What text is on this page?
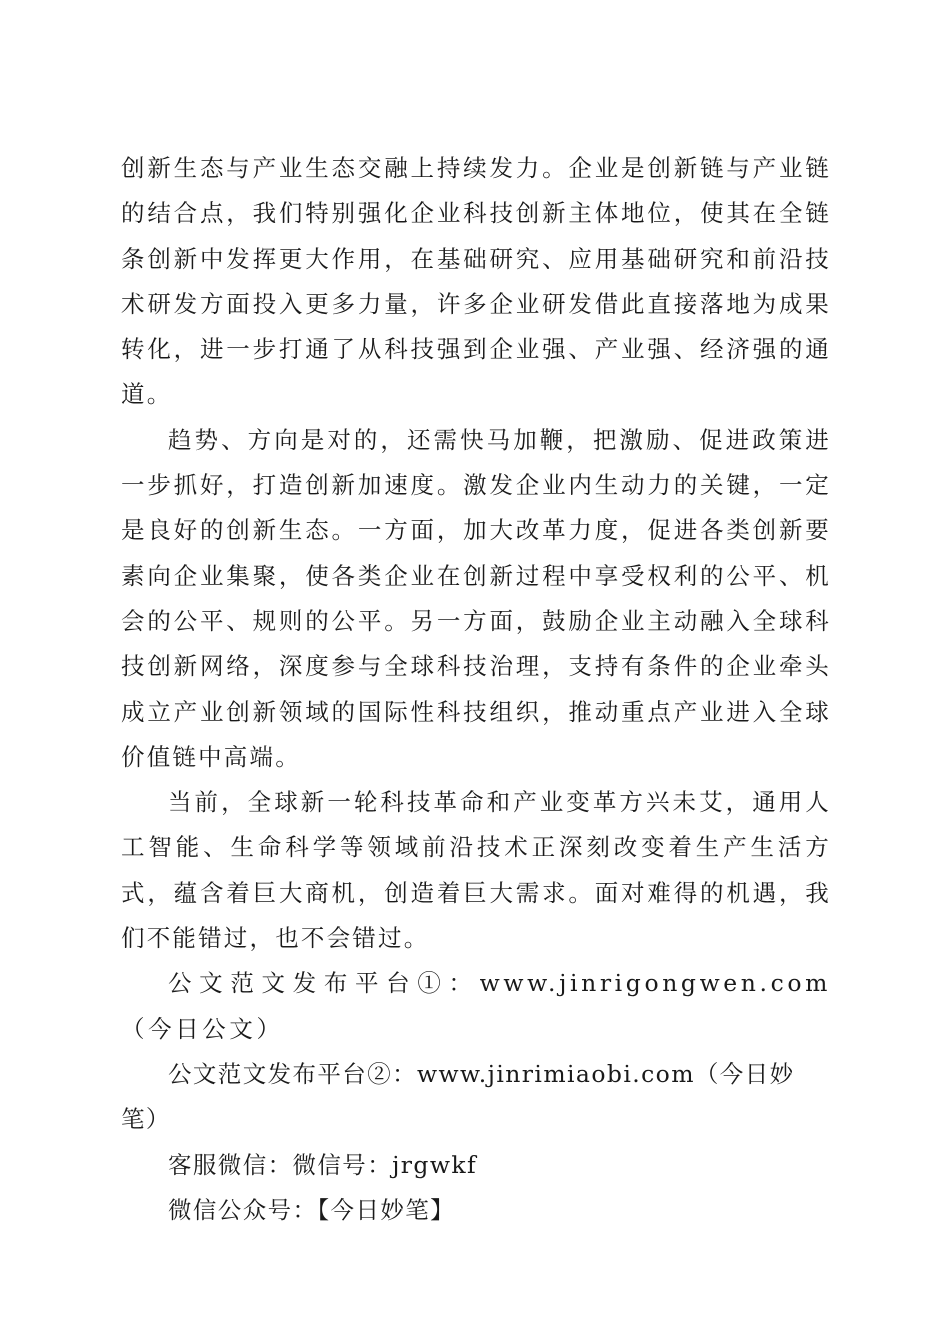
创新生态与产业生态交融上持续发力。企业是创新链与产业链的结合点，我们特别强化企业科技创新主体地位，使其在全链条创新中发挥更大作用，在基础研究、应用基础研究和前沿技术研发方面投入更多力量，许多企业研发借此直接落地为成果转化，进一步打通了从科技强到企业强、产业强、经济强的通道。

趋势、方向是对的，还需快马加鞭，把激励、促进政策进一步抓好，打造创新加速度。激发企业内生动力的关键，一定是良好的创新生态。一方面，加大改革力度，促进各类创新要素向企业集聚，使各类企业在创新过程中享受权利的公平、机会的公平、规则的公平。另一方面，鼓励企业主动融入全球科技创新网络，深度参与全球科技治理，支持有条件的企业牵头成立产业创新领域的国际性科技组织，推动重点产业进入全球价值链中高端。

当前，全球新一轮科技革命和产业变革方兴未艾，通用人工智能、生命科学等领域前沿技术正深刻改变着生产生活方式，蕴含着巨大商机，创造着巨大需求。面对难得的机遇，我们不能错过，也不会错过。

公文范文发布平台①：www.jinrigongwen.com（今日公文）

公文范文发布平台②：www.jinrimiaobi.com（今日妙笔）

客服微信：微信号：jrgwkf

微信公众号：【今日妙笔】
